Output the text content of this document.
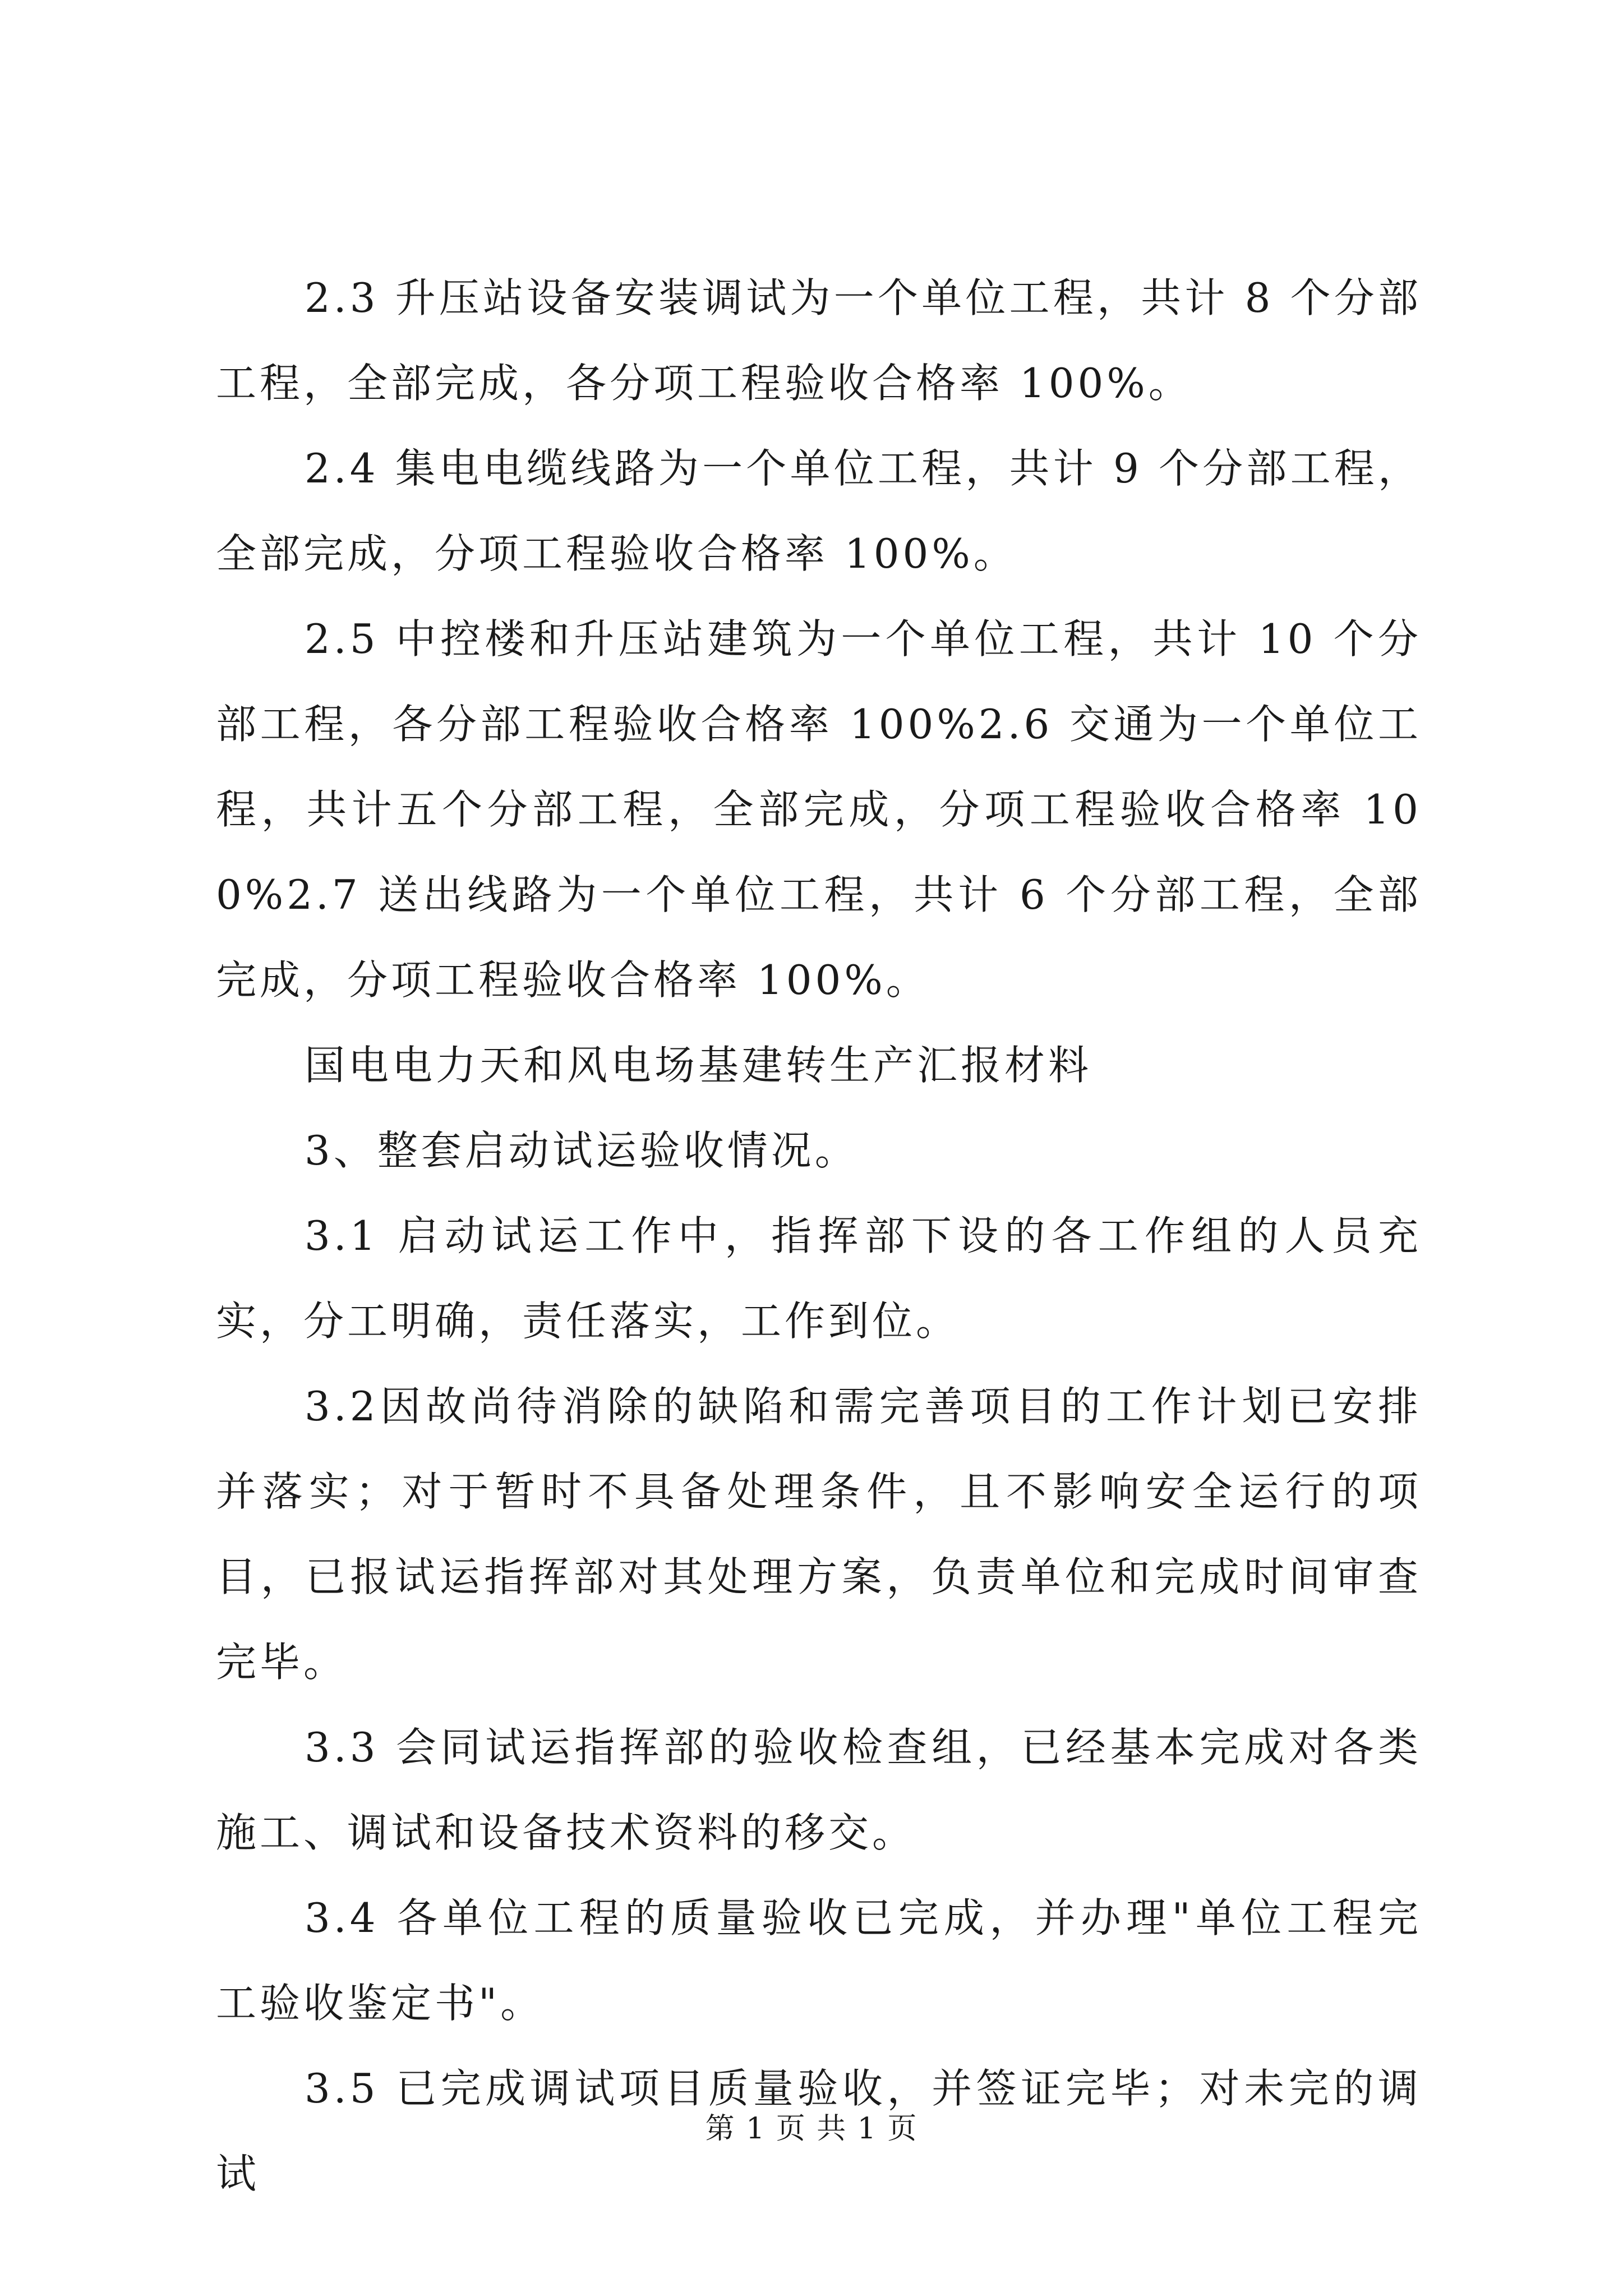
2.3 升压站设备安装调试为一个单位工程，共计 8 个分部工程，全部完成，各分项工程验收合格率 100%。

2.4 集电电缆线路为一个单位工程，共计 9 个分部工程，全部完成，分项工程验收合格率 100%。

2.5 中控楼和升压站建筑为一个单位工程，共计 10 个分部工程，各分部工程验收合格率 100%2.6 交通为一个单位工程，共计五个分部工程，全部完成，分项工程验收合格率 100%2.7 送出线路为一个单位工程，共计 6 个分部工程，全部完成，分项工程验收合格率 100%。

国电电力天和风电场基建转生产汇报材料

3、整套启动试运验收情况。

3.1 启动试运工作中，指挥部下设的各工作组的人员充实，分工明确，责任落实，工作到位。

3.2因故尚待消除的缺陷和需完善项目的工作计划已安排并落实；对于暂时不具备处理条件，且不影响安全运行的项目，已报试运指挥部对其处理方案，负责单位和完成时间审查完毕。

3.3 会同试运指挥部的验收检查组，已经基本完成对各类施工、调试和设备技术资料的移交。

3.4 各单位工程的质量验收已完成，并办理"单位工程完工验收鉴定书"。

3.5 已完成调试项目质量验收，并签证完毕；对未完的调试

第 1 页 共 1 页
